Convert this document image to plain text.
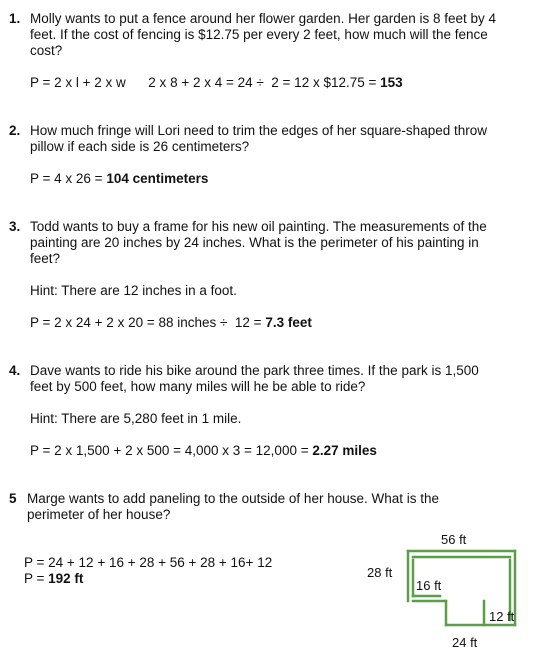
1. Molly wants to put a fence around her flower garden. Her garden is 8 feet by 4
feet. If the cost of fencing is $12.75 per every 2 feet, how much will the fence
cost?
P = 2 x l + 2 x w      2 x 8 + 2 x 4 = 24 ÷  2 = 12 x $12.75 = 153
2. How much fringe will Lori need to trim the edges of her square-shaped throw
pillow if each side is 26 centimeters?
P = 4 x 26 = 104 centimeters
3. Todd wants to buy a frame for his new oil painting. The measurements of the
painting are 20 inches by 24 inches. What is the perimeter of his painting in
feet?
Hint: There are 12 inches in a foot.
P = 2 x 24 + 2 x 20 = 88 inches ÷  12 = 7.3 feet
4. Dave wants to ride his bike around the park three times. If the park is 1,500
feet by 500 feet, how many miles will he be able to ride?
Hint: There are 5,280 feet in 1 mile.
P = 2 x 1,500 + 2 x 500 = 4,000 x 3 = 12,000 = 2.27 miles
5 Marge wants to add paneling to the outside of her house. What is the
perimeter of her house?
P = 24 + 12 + 16 + 28 + 56 + 28 + 16+ 12
P = 192 ft
56 ft
28 ft
16 ft
12 ft
24 ft
